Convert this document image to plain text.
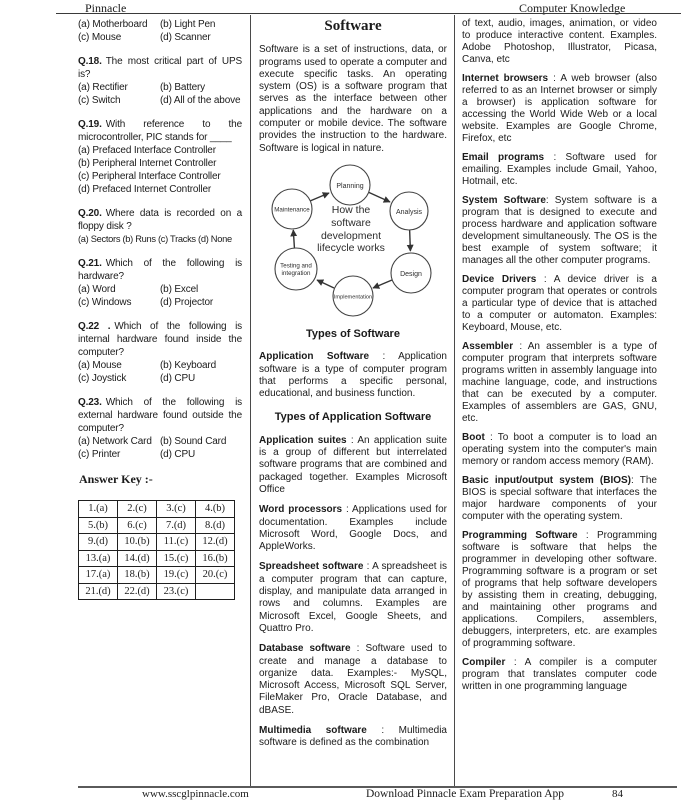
Pinnacle	Computer Knowledge
(a) Motherboard	(b) Light Pen
(c) Mouse	(d) Scanner

Q.18. The most critical part of UPS is?

(a) Rectifier	(b) Battery
(c) Switch	(d) All of the above

Q.19. With reference to the microcontroller, PIC stands for ____

(a) Prefaced Interface Controller
(b) Peripheral Internet Controller
(c) Peripheral Interface Controller
(d) Prefaced Internet Controller

Q.20. Where data is recorded on a floppy disk ?

(a) Sectors (b) Runs (c) Tracks (d) None

Q.21. Which of the following is hardware?

(a) Word	(b) Excel
(c) Windows	(d) Projector

Q.22 . Which of the following is internal hardware found inside the computer?

(a) Mouse	(b) Keyboard
(c) Joystick	(d) CPU

Q.23. Which of the following is external hardware found outside the computer?

(a) Network Card (b) Sound Card
(c) Printer	(d) CPU
Answer Key :-
1.(a)	2.(c)	3.(c)	4.(b)
5.(b)	6.(c)	7.(d)	8.(d)
9.(d)	10.(b)	11.(c)	12.(d)
13.(a)	14.(d)	15.(c)	16.(b)
17.(a)	18.(b)	19.(c)	20.(c)
21.(d)	22.(d)	23.(c)	
Software

Software is a set of instructions, data, or programs used to operate a computer and execute specific tasks. An operating system (OS) is a software program that serves as the interface between other applications and the hardware on a computer or mobile device. The software provides the instruction to the hardware. Software is logical in nature.

Planning
Analysis
Design
Implementation
Testing and
integration
Maintenance	How the software development lifecycle works
Types of Software

Application Software : Application software is a type of computer program that performs a specific personal, educational, and business function.

Types of Application Software

Application suites : An application suite is a group of different but interrelated software programs that are combined and packaged together. Examples Microsoft Office

Word processors : Applications used for documentation. Examples include Microsoft Word, Google Docs, and AppleWorks.

Spreadsheet software : A spreadsheet is a computer program that can capture, display, and manipulate data arranged in rows and columns. Examples are Microsoft Excel, Google Sheets, and Quattro Pro.

Database software : Software used to create and manage a database to organize data. Examples:- MySQL, Microsoft Access, Microsoft SQL Server, FileMaker Pro, Oracle Database, and dBASE.

Multimedia software : Multimedia software is defined as the combination

of text, audio, images, animation, or video to produce interactive content. Examples. Adobe Photoshop, Illustrator, Picasa, Canva, etc

Internet browsers : A web browser (also referred to as an Internet browser or simply a browser) is application software for accessing the World Wide Web or a local website. Examples are Google Chrome, Firefox, etc

Email programs : Software used for emailing. Examples include Gmail, Yahoo, Hotmail, etc.

System Software: System software is a program that is designed to execute and process hardware and application software development simultaneously. The OS is the best example of system software; it manages all the other computer programs.

Device Drivers : A device driver is a computer program that operates or controls a particular type of device that is attached to a computer or automaton. Examples: Keyboard, Mouse, etc.

Assembler : An assembler is a type of computer program that interprets software programs written in assembly language into machine language, code, and instructions that can be executed by a computer. Examples of assemblers are GAS, GNU, etc.

Boot : To boot a computer is to load an operating system into the computer's main memory or random access memory (RAM).

Basic input/output system (BIOS): The BIOS is special software that interfaces the major hardware components of your computer with the operating system.

Programming Software : Programming software is software that helps the programmer in developing other software. Programming software is a program or set of programs that help software developers by assisting them in creating, debugging, and maintaining other programs and applications. Compilers, assemblers, debuggers, interpreters, etc. are examples of programming software.

Compiler : A compiler is a computer program that translates computer code written in one programming language

www.sscglpinnacle.com	Download Pinnacle Exam Preparation App	84
